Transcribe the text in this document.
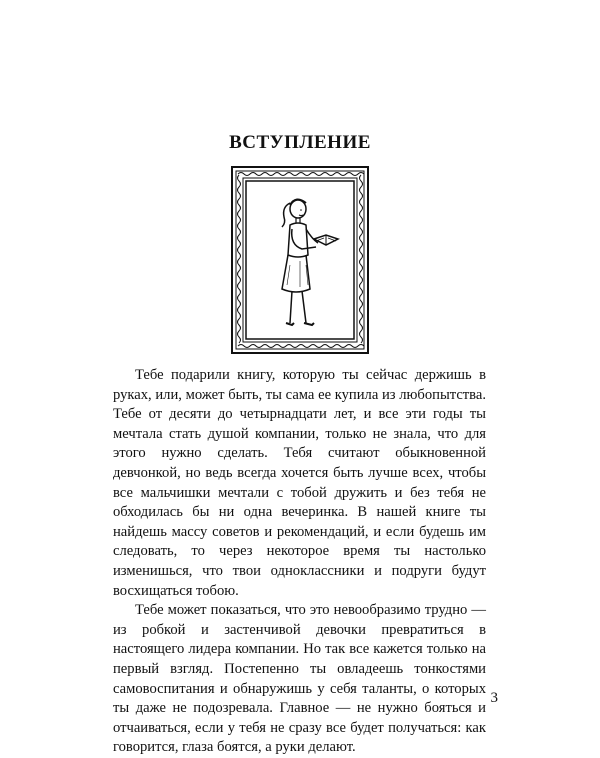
ВСТУПЛЕНИЕ

Тебе подарили книгу, которую ты сейчас держишь в руках, или, может быть, ты сама ее купила из любопытства. Тебе от десяти до четырнадцати лет, и все эти годы ты мечтала стать душой компании, только не знала, что для этого нужно сделать. Тебя считают обыкновенной девчонкой, но ведь всегда хочется быть лучше всех, чтобы все мальчишки мечтали с тобой дружить и без тебя не обходилась бы ни одна вечеринка. В нашей книге ты найдешь массу советов и рекомендаций, и если будешь им следовать, то через некоторое время ты настолько изменишься, что твои одноклассники и подруги будут восхищаться тобою.

Тебе может показаться, что это невообразимо трудно — из робкой и застенчивой девочки превратиться в настоящего лидера компании. Но так все кажется только на первый взгляд. Постепенно ты овладеешь тонкостями самовоспитания и обнаружишь у себя таланты, о которых ты даже не подозревала. Главное — не нужно бояться и отчаиваться, если у тебя не сразу все будет получаться: как говорится, глаза боятся, а руки делают.

3
